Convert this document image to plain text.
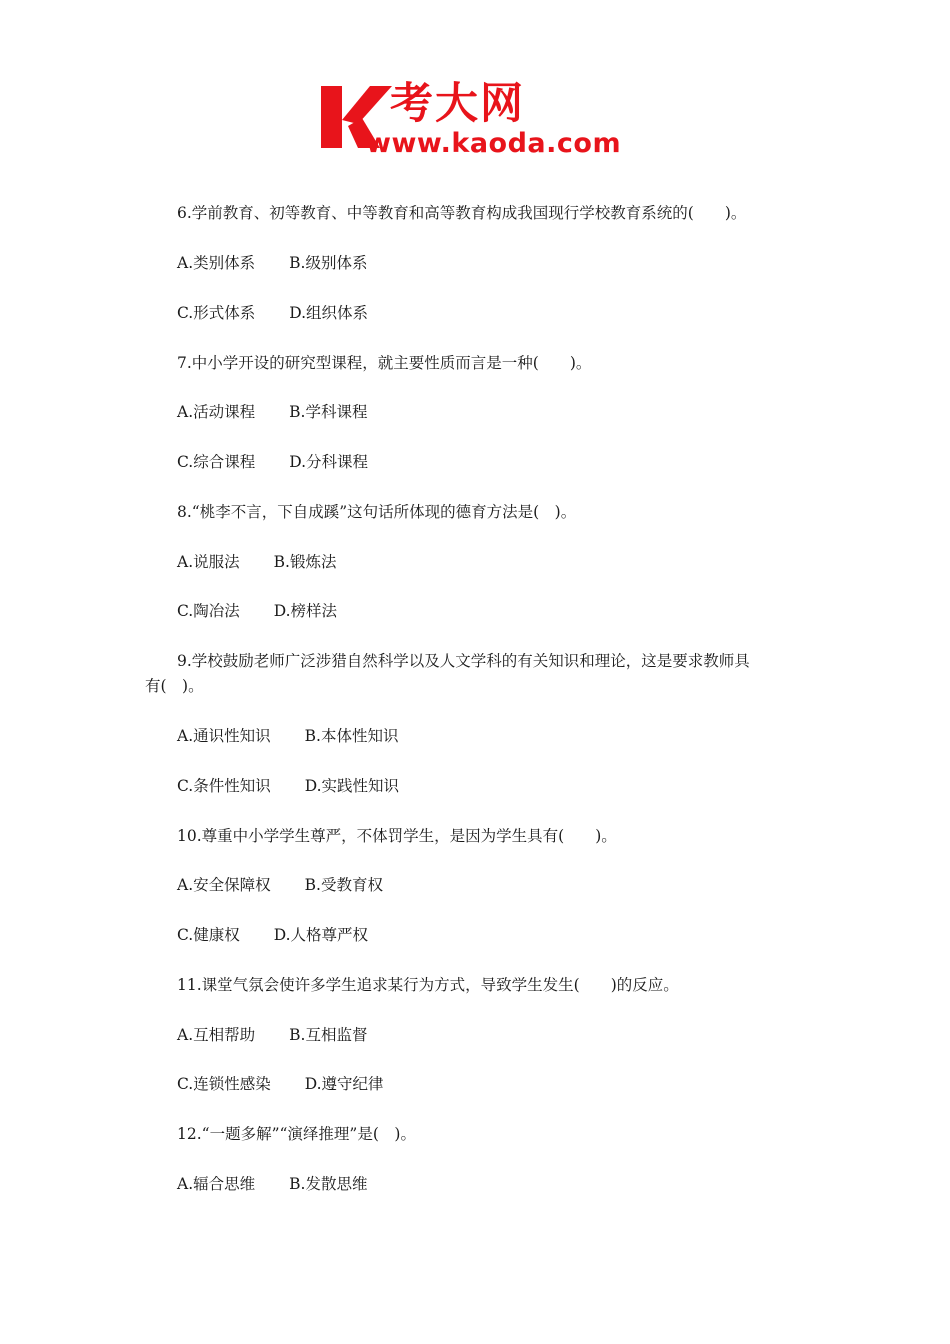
考大网
www.kaoda.com
6.学前教育、初等教育、中等教育和高等教育构成我国现行学校教育系统的(　　)。
A.类别体系 B.级别体系
C.形式体系 D.组织体系
7.中小学开设的研究型课程，就主要性质而言是一种(　　)。
A.活动课程 B.学科课程
C.综合课程 D.分科课程
8.“桃李不言，下自成蹊”这句话所体现的德育方法是(　)。
A.说服法 B.锻炼法
C.陶冶法 D.榜样法
9.学校鼓励老师广泛涉猎自然科学以及人文学科的有关知识和理论，这是要求教师具
有(　)。
A.通识性知识 B.本体性知识
C.条件性知识 D.实践性知识
10.尊重中小学学生尊严，不体罚学生，是因为学生具有(　　)。
A.安全保障权 B.受教育权
C.健康权 D.人格尊严权
11.课堂气氛会使许多学生追求某行为方式，导致学生发生(　　)的反应。
A.互相帮助 B.互相监督
C.连锁性感染 D.遵守纪律
12.“一题多解”“演绎推理”是(　)。
A.辐合思维 B.发散思维
